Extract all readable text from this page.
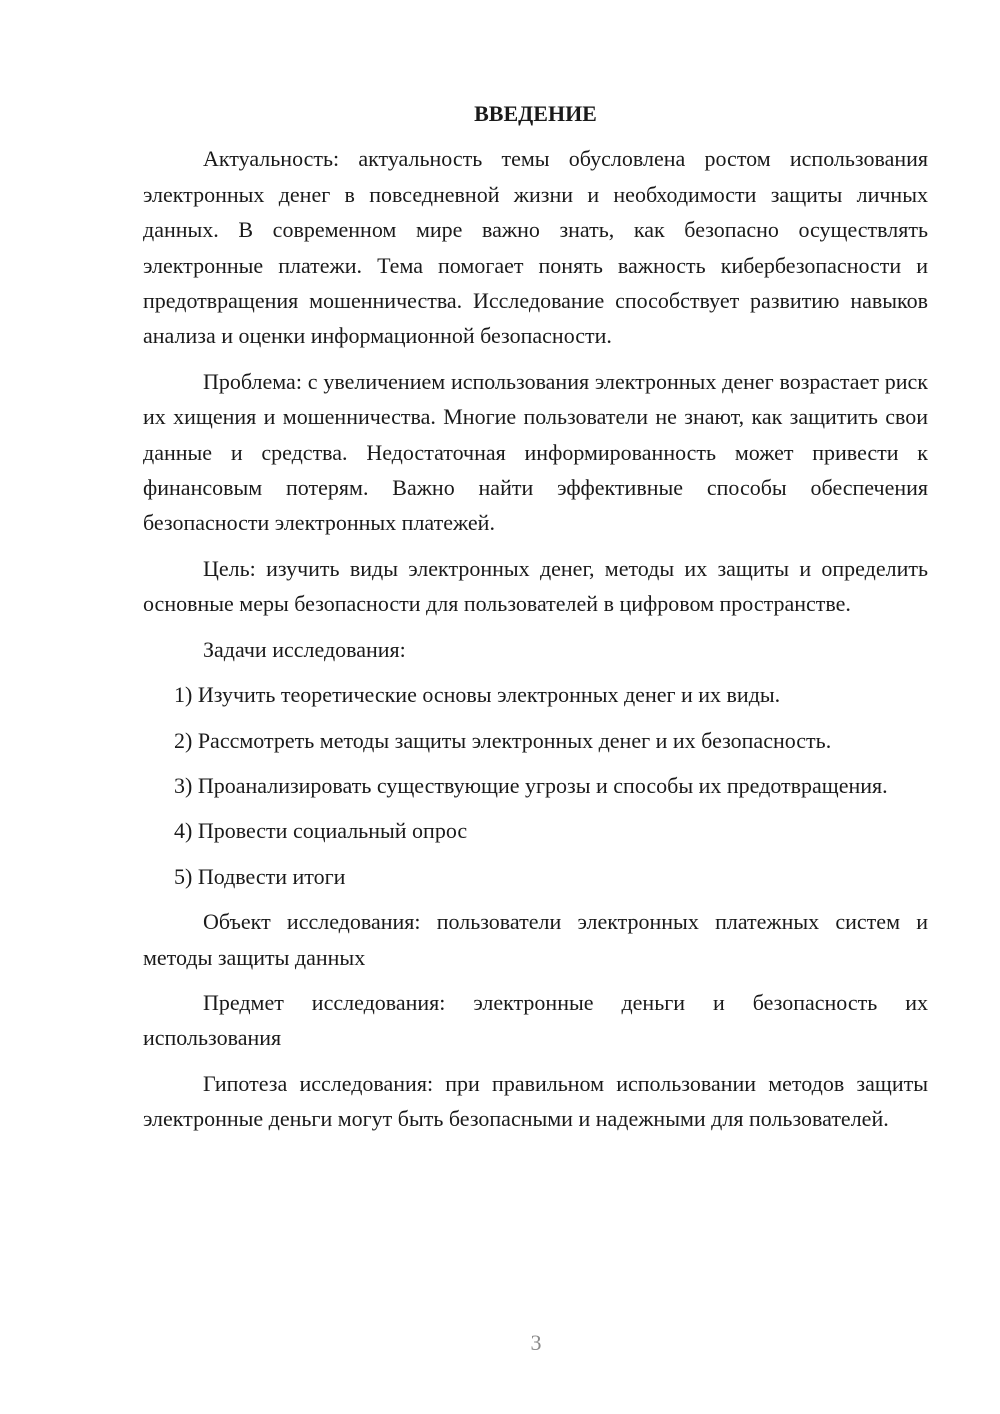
ВВЕДЕНИЕ

Актуальность: актуальность темы обусловлена ростом использования электронных денег в повседневной жизни и необходимости защиты личных данных. В современном мире важно знать, как безопасно осуществлять электронные платежи. Тема помогает понять важность кибербезопасности и предотвращения мошенничества. Исследование способствует развитию навыков анализа и оценки информационной безопасности.

Проблема: с увеличением использования электронных денег возрастает риск их хищения и мошенничества. Многие пользователи не знают, как защитить свои данные и средства. Недостаточная информированность может привести к финансовым потерям. Важно найти эффективные способы обеспечения безопасности электронных платежей.

Цель: изучить виды электронных денег, методы их защиты и определить основные меры безопасности для пользователей в цифровом пространстве.

Задачи исследования:

1) Изучить теоретические основы электронных денег и их виды.

2) Рассмотреть методы защиты электронных денег и их безопасность.

3) Проанализировать существующие угрозы и способы их предотвращения.

4) Провести социальный опрос

5) Подвести итоги

Объект исследования: пользователи электронных платежных систем и методы защиты данных

Предмет исследования: электронные деньги и безопасность их использования

Гипотеза исследования: при правильном использовании методов защиты электронные деньги могут быть безопасными и надежными для пользователей.

3
